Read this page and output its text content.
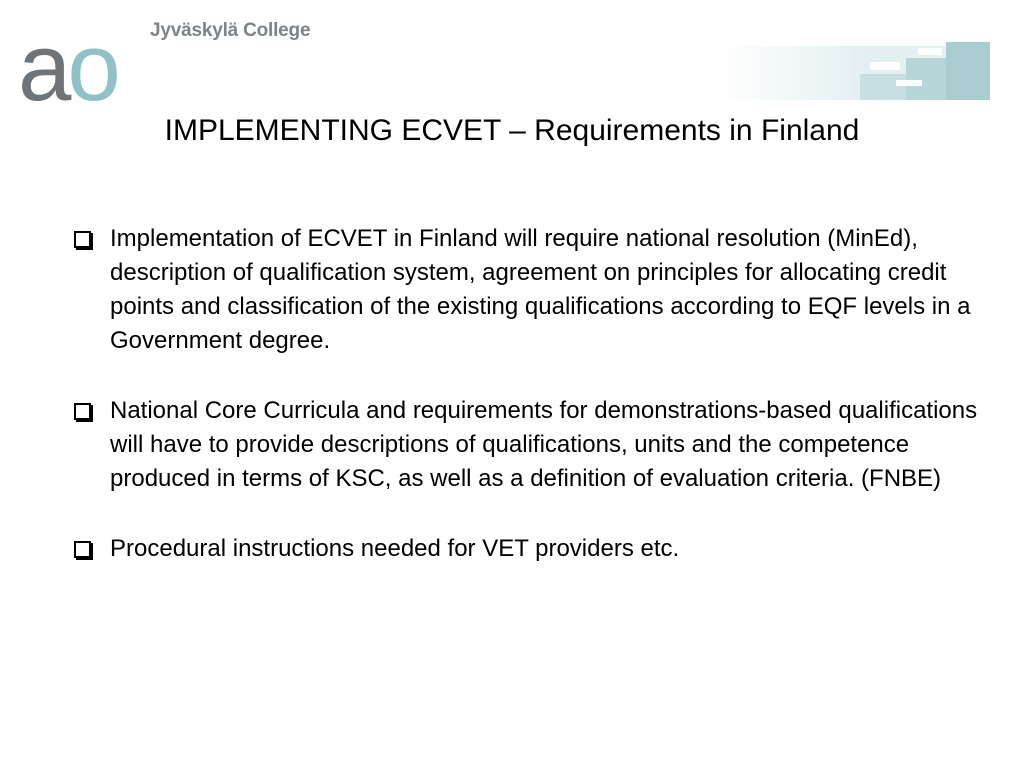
ao Jyväskylä College
IMPLEMENTING ECVET – Requirements in Finland
Implementation of ECVET in Finland will require national resolution (MinEd), description of qualification system, agreement on principles for allocating credit points and classification of the existing qualifications according to EQF levels in a Government degree.
National Core Curricula and requirements for demonstrations-based qualifications will have to provide descriptions of qualifications, units and the competence produced in terms of KSC, as well as a definition of evaluation criteria. (FNBE)
Procedural instructions needed for VET providers etc.
